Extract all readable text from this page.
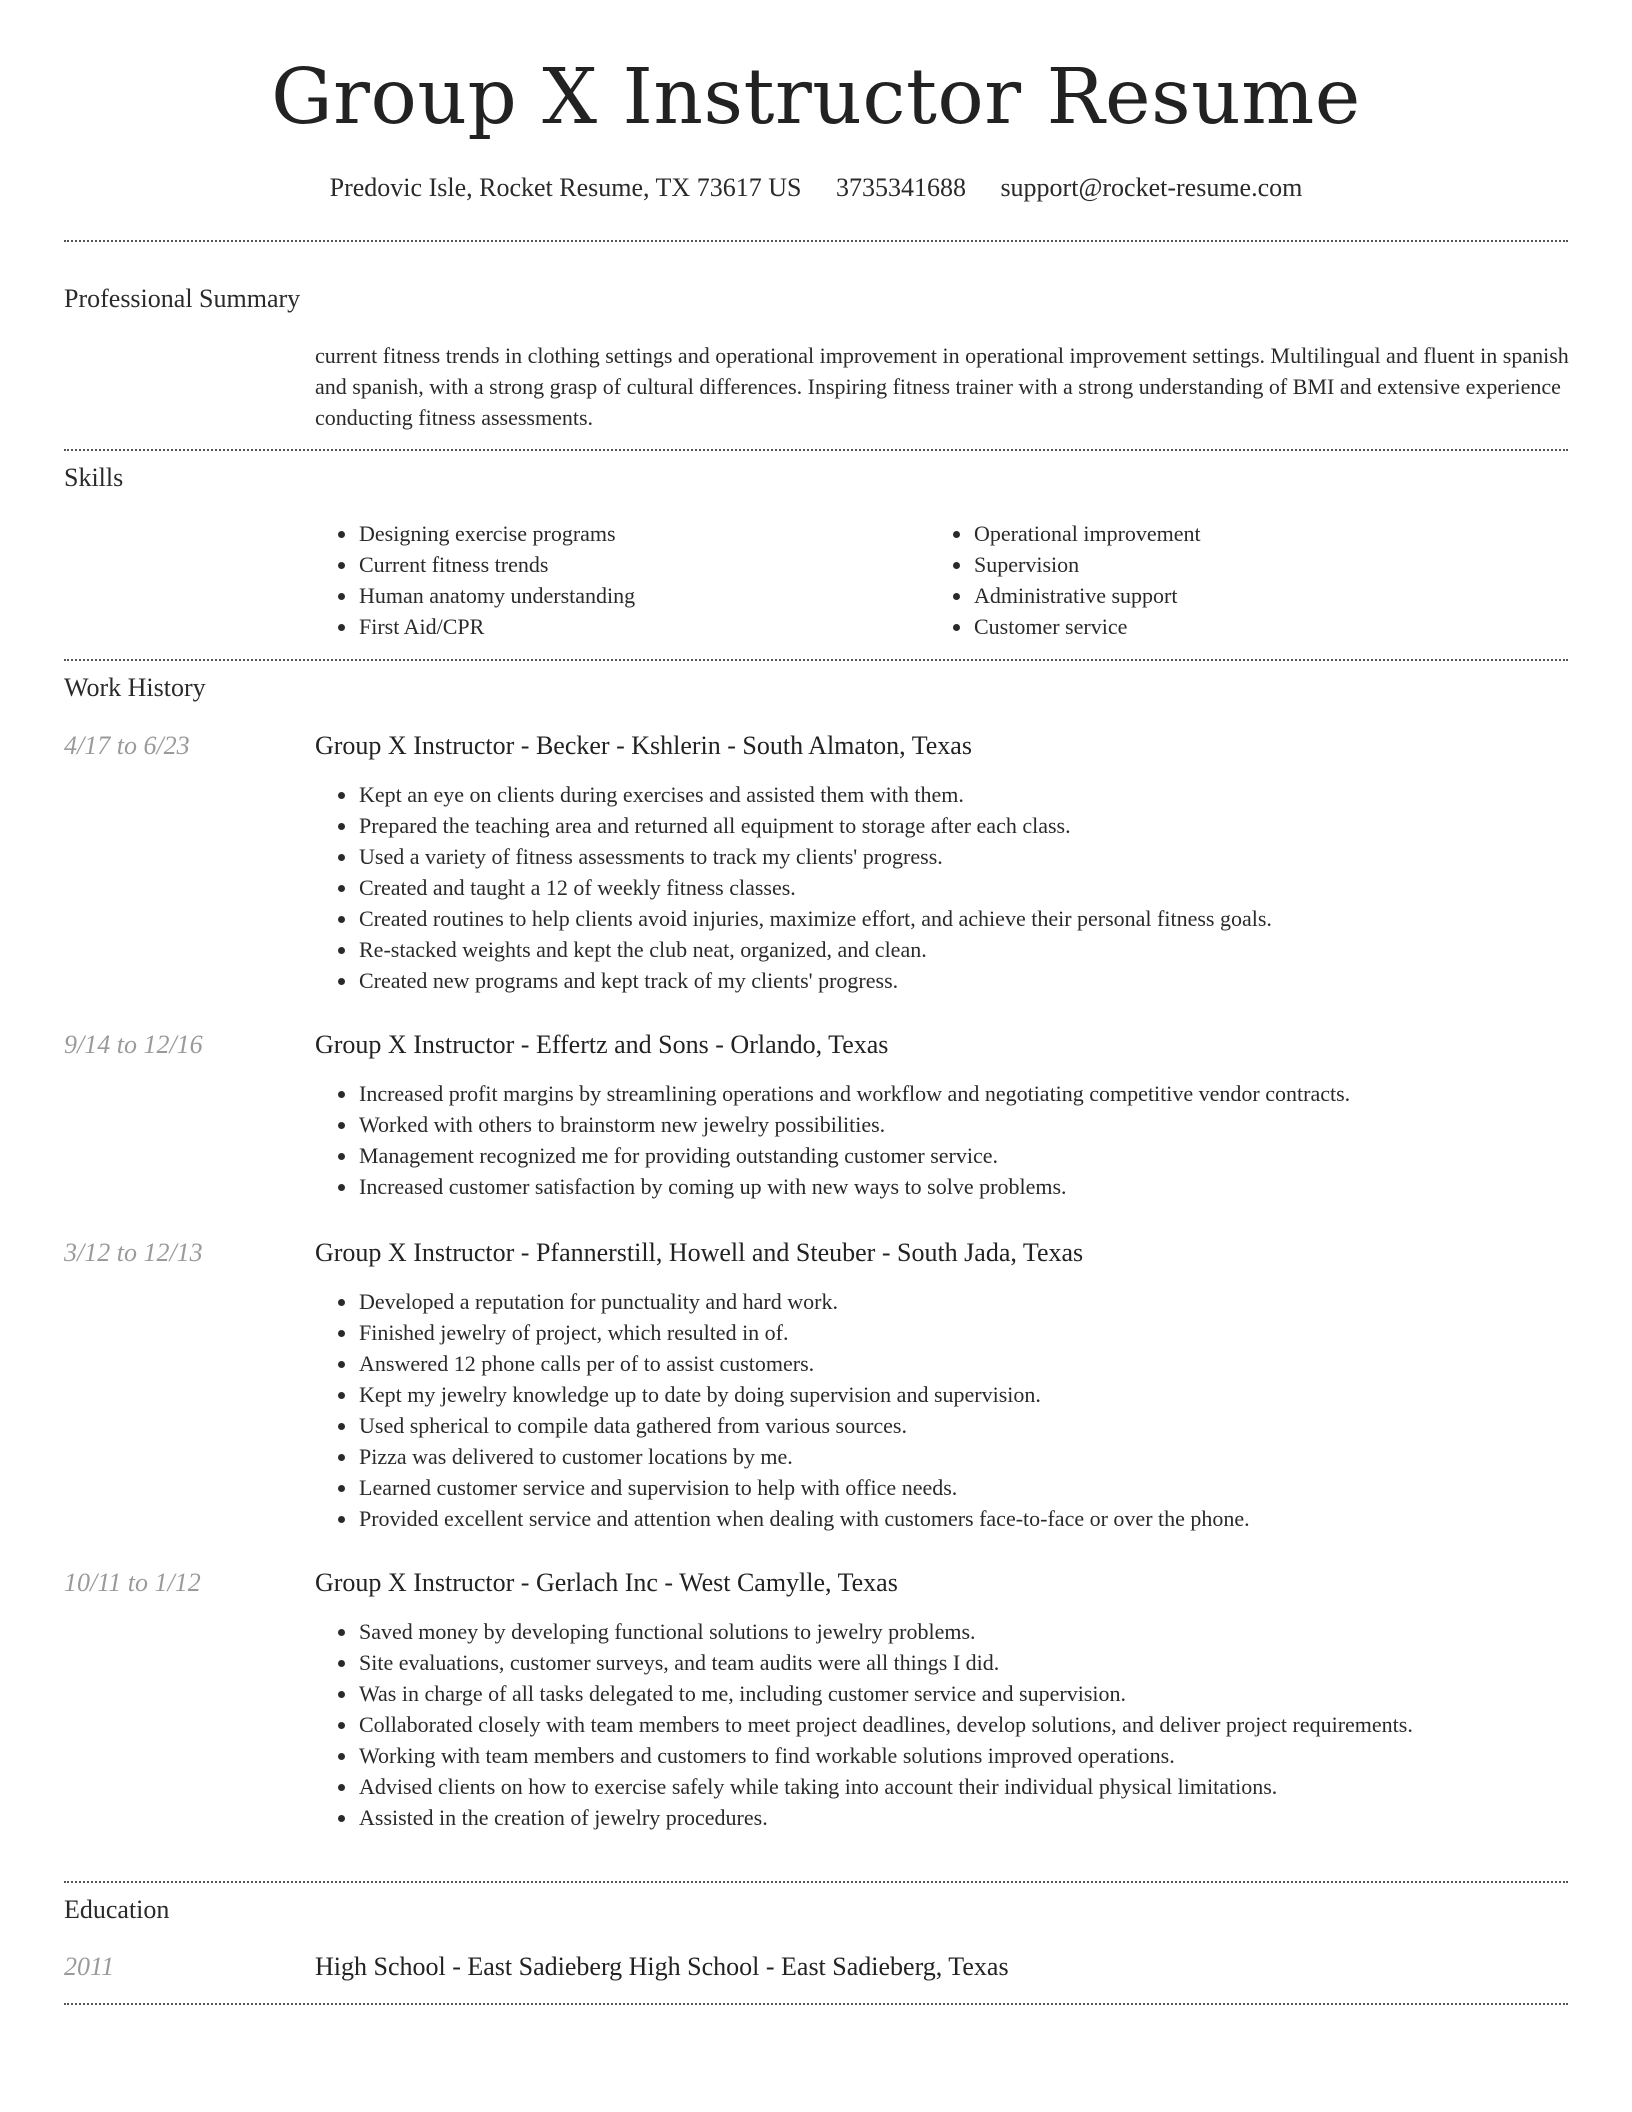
Group X Instructor Resume
Predovic Isle, Rocket Resume, TX 73617 US 3735341688 support@rocket-resume.com
Professional Summary
current fitness trends in clothing settings and operational improvement in operational improvement settings. Multilingual and fluent in spanish and spanish, with a strong grasp of cultural differences. Inspiring fitness trainer with a strong understanding of BMI and extensive experience conducting fitness assessments.
Skills
• Designing exercise programs
• Current fitness trends
• Human anatomy understanding
• First Aid/CPR
• Operational improvement
• Supervision
• Administrative support
• Customer service
Work History
4/17 to 6/23	Group X Instructor - Becker - Kshlerin - South Almaton, Texas
• Kept an eye on clients during exercises and assisted them with them.
• Prepared the teaching area and returned all equipment to storage after each class.
• Used a variety of fitness assessments to track my clients' progress.
• Created and taught a 12 of weekly fitness classes.
• Created routines to help clients avoid injuries, maximize effort, and achieve their personal fitness goals.
• Re-stacked weights and kept the club neat, organized, and clean.
• Created new programs and kept track of my clients' progress.
9/14 to 12/16	Group X Instructor - Effertz and Sons - Orlando, Texas
• Increased profit margins by streamlining operations and workflow and negotiating competitive vendor contracts.
• Worked with others to brainstorm new jewelry possibilities.
• Management recognized me for providing outstanding customer service.
• Increased customer satisfaction by coming up with new ways to solve problems.
3/12 to 12/13	Group X Instructor - Pfannerstill, Howell and Steuber - South Jada, Texas
• Developed a reputation for punctuality and hard work.
• Finished jewelry of project, which resulted in of.
• Answered 12 phone calls per of to assist customers.
• Kept my jewelry knowledge up to date by doing supervision and supervision.
• Used spherical to compile data gathered from various sources.
• Pizza was delivered to customer locations by me.
• Learned customer service and supervision to help with office needs.
• Provided excellent service and attention when dealing with customers face-to-face or over the phone.
10/11 to 1/12	Group X Instructor - Gerlach Inc - West Camylle, Texas
• Saved money by developing functional solutions to jewelry problems.
• Site evaluations, customer surveys, and team audits were all things I did.
• Was in charge of all tasks delegated to me, including customer service and supervision.
• Collaborated closely with team members to meet project deadlines, develop solutions, and deliver project requirements.
• Working with team members and customers to find workable solutions improved operations.
• Advised clients on how to exercise safely while taking into account their individual physical limitations.
• Assisted in the creation of jewelry procedures.
Education
2011	High School - East Sadieberg High School - East Sadieberg, Texas
